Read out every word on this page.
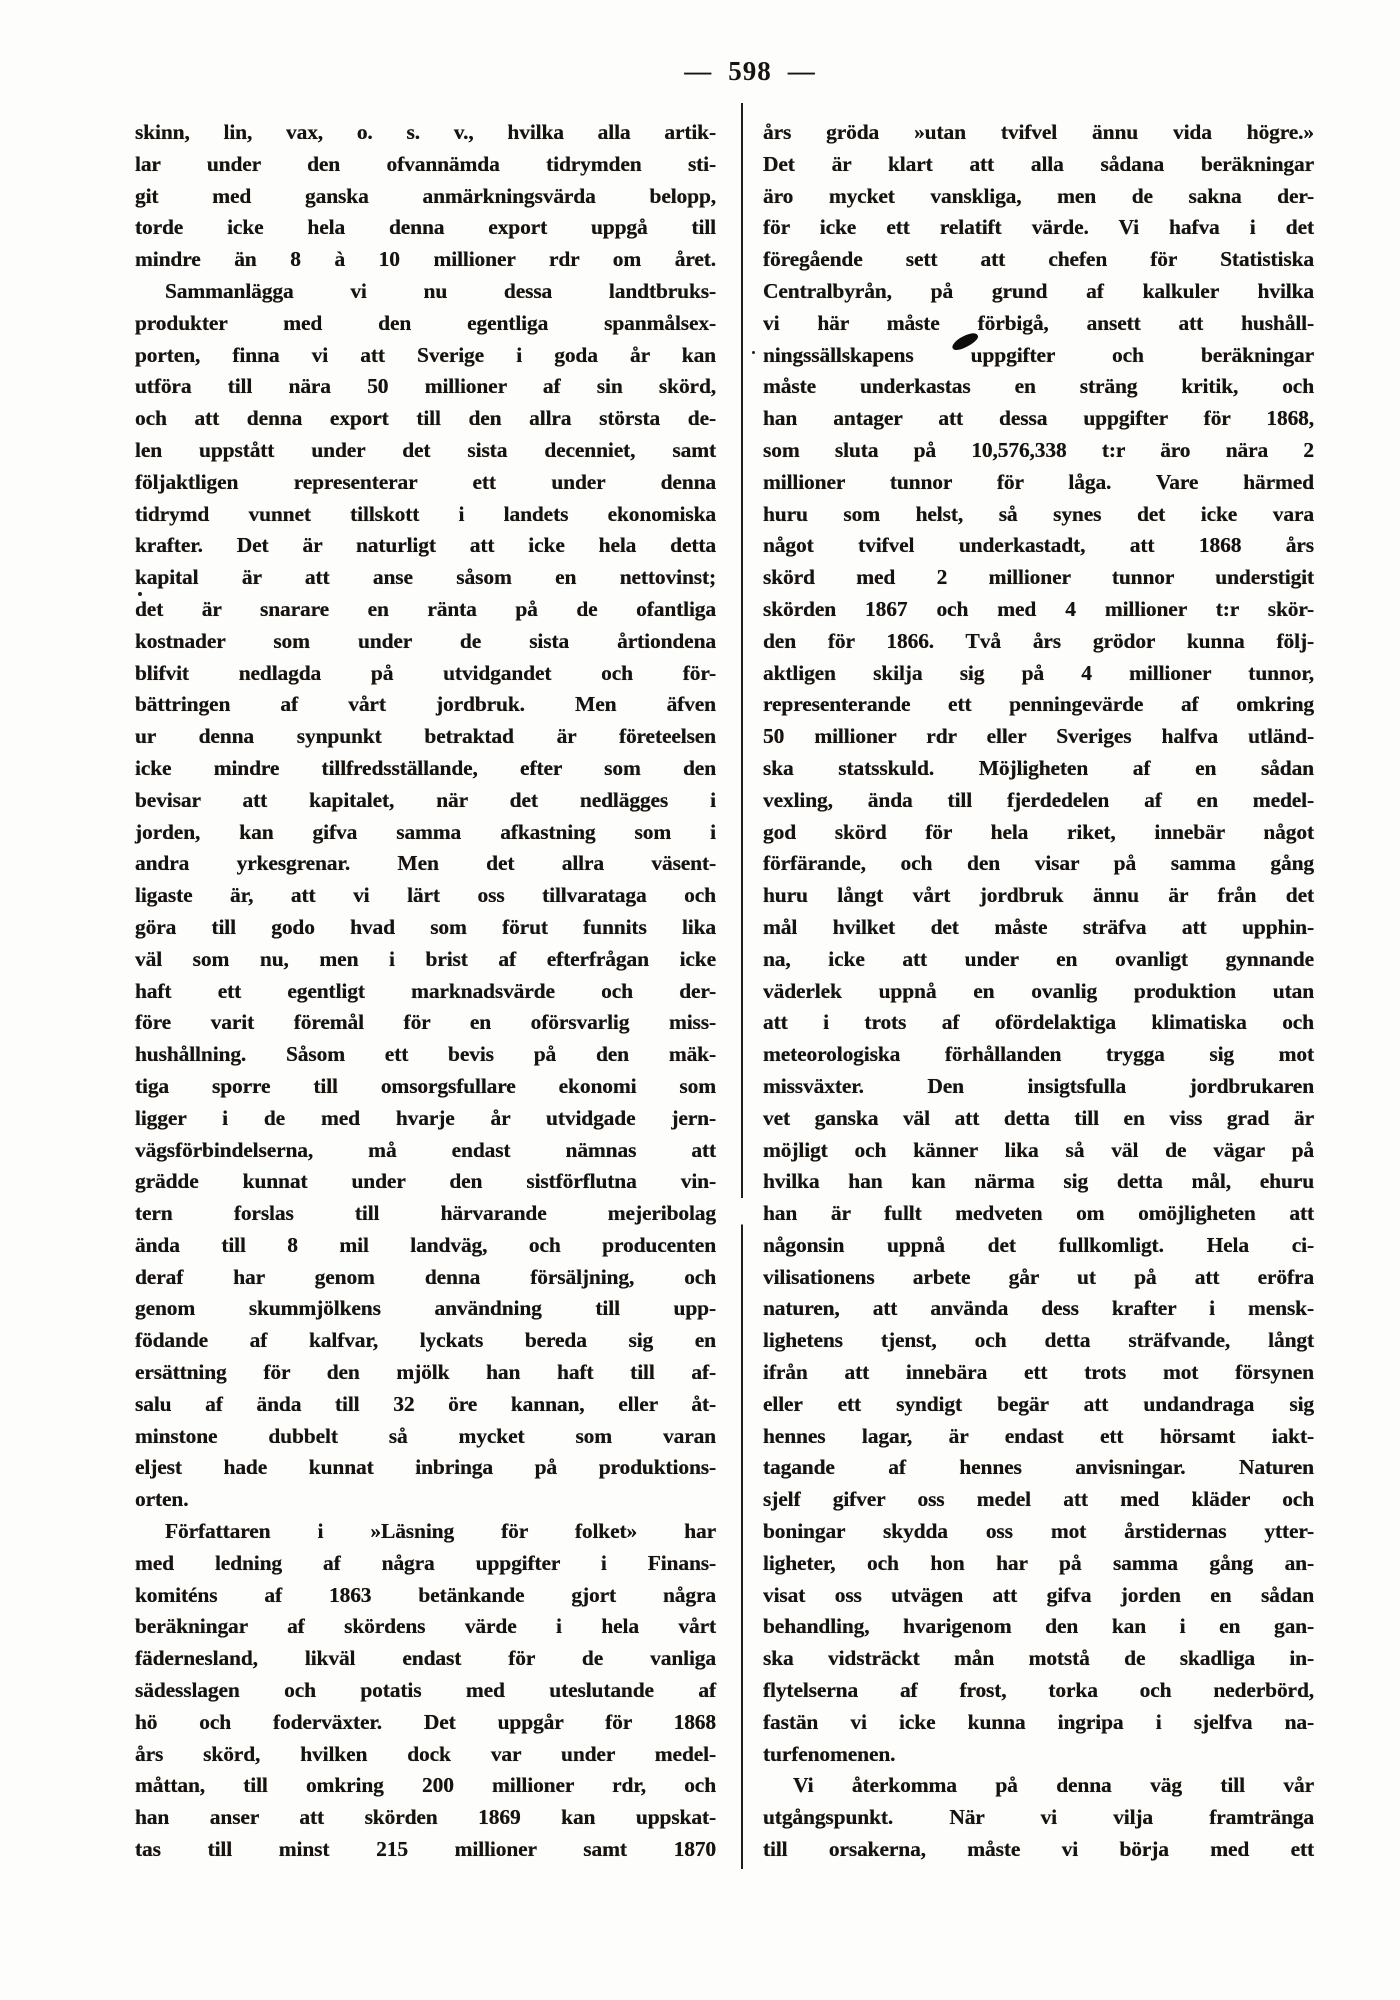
— 598 —
skinn, lin, vax, o. s. v., hvilka alla artik-
lar under den ofvannämda tidrymden sti-
git med ganska anmärkningsvärda belopp,
torde icke hela denna export uppgå till
mindre än 8 à 10 millioner rdr om året.
Sammanlägga vi nu dessa landtbruks-
produkter med den egentliga spanmålsex-
porten, finna vi att Sverige i goda år kan
utföra till nära 50 millioner af sin skörd,
och att denna export till den allra största de-
len uppstått under det sista decenniet, samt
följaktligen representerar ett under denna
tidrymd vunnet tillskott i landets ekonomiska
krafter. Det är naturligt att icke hela detta
kapital är att anse såsom en nettovinst;
det är snarare en ränta på de ofantliga
kostnader som under de sista årtiondena
blifvit nedlagda på utvidgandet och för-
bättringen af vårt jordbruk. Men äfven
ur denna synpunkt betraktad är företeelsen
icke mindre tillfredsställande, efter som den
bevisar att kapitalet, när det nedlägges i
jorden, kan gifva samma afkastning som i
andra yrkesgrenar. Men det allra väsent-
ligaste är, att vi lärt oss tillvarataga och
göra till godo hvad som förut funnits lika
väl som nu, men i brist af efterfrågan icke
haft ett egentligt marknadsvärde och der-
före varit föremål för en oförsvarlig miss-
hushållning. Såsom ett bevis på den mäk-
tiga sporre till omsorgsfullare ekonomi som
ligger i de med hvarje år utvidgade jern-
vägsförbindelserna, må endast nämnas att
grädde kunnat under den sistförflutna vin-
tern forslas till härvarande mejeribolag
ända till 8 mil landväg, och producenten
deraf har genom denna försäljning, och
genom skummjölkens användning till upp-
födande af kalfvar, lyckats bereda sig en
ersättning för den mjölk han haft till af-
salu af ända till 32 öre kannan, eller åt-
minstone dubbelt så mycket som varan
eljest hade kunnat inbringa på produktions-
orten.
Författaren i »Läsning för folket» har
med ledning af några uppgifter i Finans-
komiténs af 1863 betänkande gjort några
beräkningar af skördens värde i hela vårt
fädernesland, likväl endast för de vanliga
sädesslagen och potatis med uteslutande af
hö och foderväxter. Det uppgår för 1868
års skörd, hvilken dock var under medel-
måttan, till omkring 200 millioner rdr, och
han anser att skörden 1869 kan uppskat-
tas till minst 215 millioner samt 1870
års gröda »utan tvifvel ännu vida högre.»
Det är klart att alla sådana beräkningar
äro mycket vanskliga, men de sakna der-
för icke ett relatift värde. Vi hafva i det
föregående sett att chefen för Statistiska
Centralbyrån, på grund af kalkuler hvilka
vi här måste förbigå, ansett att hushåll-
ningssällskapens uppgifter och beräkningar
måste underkastas en sträng kritik, och
han antager att dessa uppgifter för 1868,
som sluta på 10,576,338 t:r äro nära 2
millioner tunnor för låga. Vare härmed
huru som helst, så synes det icke vara
något tvifvel underkastadt, att 1868 års
skörd med 2 millioner tunnor understigit
skörden 1867 och med 4 millioner t:r skör-
den för 1866. Två års grödor kunna följ-
aktligen skilja sig på 4 millioner tunnor,
representerande ett penningevärde af omkring
50 millioner rdr eller Sveriges halfva utländ-
ska statsskuld. Möjligheten af en sådan
vexling, ända till fjerdedelen af en medel-
god skörd för hela riket, innebär något
förfärande, och den visar på samma gång
huru långt vårt jordbruk ännu är från det
mål hvilket det måste sträfva att upphin-
na, icke att under en ovanligt gynnande
väderlek uppnå en ovanlig produktion utan
att i trots af ofördelaktiga klimatiska och
meteorologiska förhållanden trygga sig mot
missväxter. Den insigtsfulla jordbrukaren
vet ganska väl att detta till en viss grad är
möjligt och känner lika så väl de vägar på
hvilka han kan närma sig detta mål, ehuru
han är fullt medveten om omöjligheten att
någonsin uppnå det fullkomligt. Hela ci-
vilisationens arbete går ut på att eröfra
naturen, att använda dess krafter i mensk-
lighetens tjenst, och detta sträfvande, långt
ifrån att innebära ett trots mot försynen
eller ett syndigt begär att undandraga sig
hennes lagar, är endast ett hörsamt iakt-
tagande af hennes anvisningar. Naturen
sjelf gifver oss medel att med kläder och
boningar skydda oss mot årstidernas ytter-
ligheter, och hon har på samma gång an-
visat oss utvägen att gifva jorden en sådan
behandling, hvarigenom den kan i en gan-
ska vidsträckt mån motstå de skadliga in-
flytelserna af frost, torka och nederbörd,
fastän vi icke kunna ingripa i sjelfva na-
turfenomenen.
Vi återkomma på denna väg till vår
utgångspunkt. När vi vilja framtränga
till orsakerna, måste vi börja med ett
